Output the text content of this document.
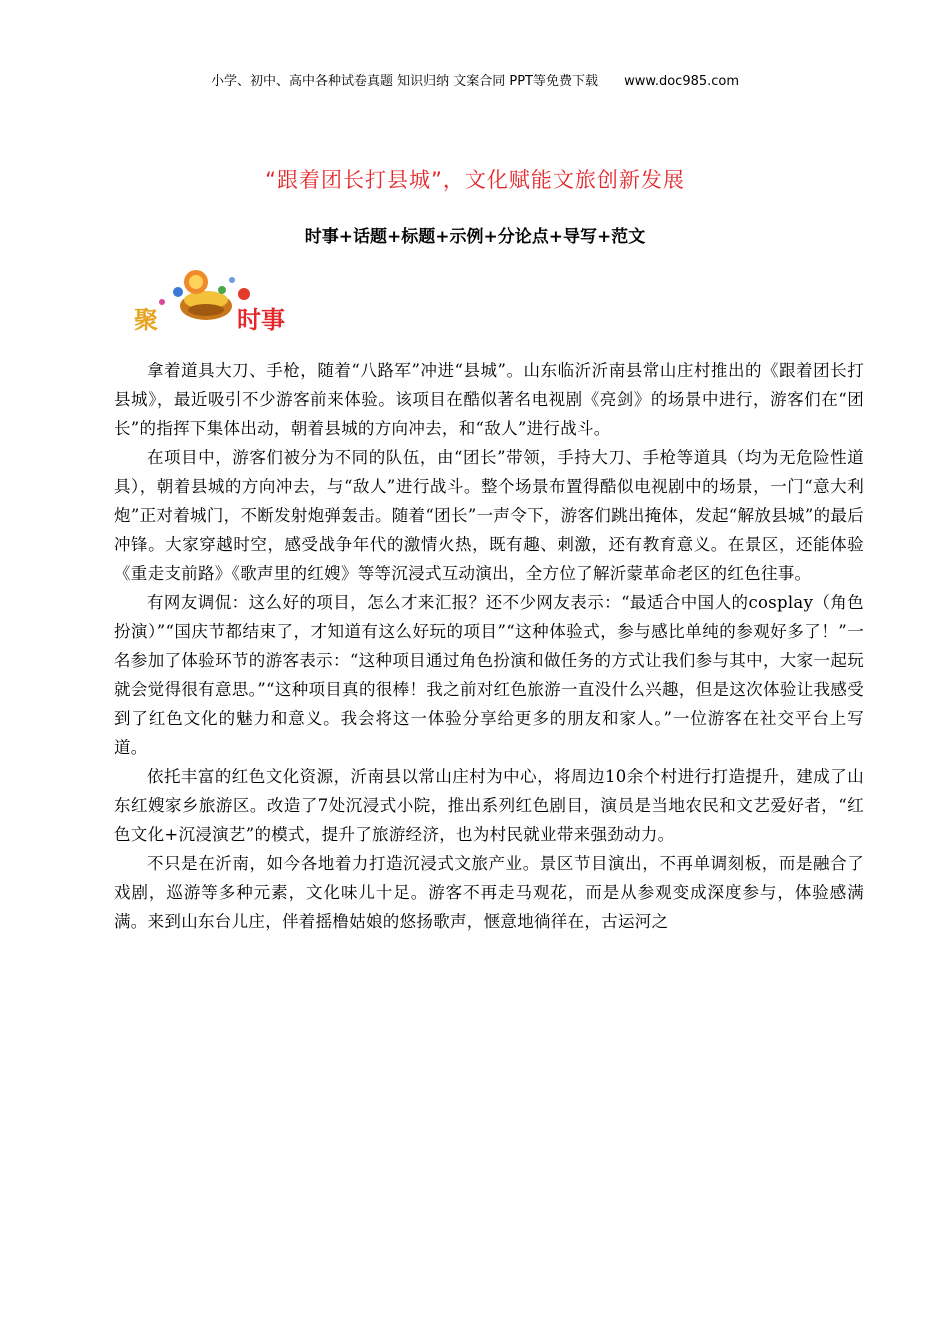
小学、初中、高中各种试卷真题 知识归纳 文案合同 PPT等免费下载 www.doc985.com
“跟着团长打县城”，文化赋能文旅创新发展
时事+话题+标题+示例+分论点+导写+范文
聚	时事

拿着道具大刀、手枪，随着“八路军”冲进“县城”。山东临沂沂南县常山庄村推出的《跟着团长打县城》，最近吸引不少游客前来体验。该项目在酷似著名电视剧《亮剑》的场景中进行，游客们在“团长”的指挥下集体出动，朝着县城的方向冲去，和“敌人”进行战斗。

在项目中，游客们被分为不同的队伍，由“团长”带领，手持大刀、手枪等道具（均为无危险性道具），朝着县城的方向冲去，与“敌人”进行战斗。整个场景布置得酷似电视剧中的场景，一门“意大利炮”正对着城门，不断发射炮弹轰击。随着“团长”一声令下，游客们跳出掩体，发起“解放县城”的最后冲锋。大家穿越时空，感受战争年代的激情火热，既有趣、刺激，还有教育意义。在景区，还能体验《重走支前路》《歌声里的红嫂》等等沉浸式互动演出，全方位了解沂蒙革命老区的红色往事。

有网友调侃：这么好的项目，怎么才来汇报？还不少网友表示：“最适合中国人的cosplay（角色扮演）”“国庆节都结束了，才知道有这么好玩的项目”“这种体验式，参与感比单纯的参观好多了！”一名参加了体验环节的游客表示：“这种项目通过角色扮演和做任务的方式让我们参与其中，大家一起玩就会觉得很有意思。”“这种项目真的很棒！我之前对红色旅游一直没什么兴趣，但是这次体验让我感受到了红色文化的魅力和意义。我会将这一体验分享给更多的朋友和家人。”一位游客在社交平台上写道。

依托丰富的红色文化资源，沂南县以常山庄村为中心，将周边10余个村进行打造提升，建成了山东红嫂家乡旅游区。改造了7处沉浸式小院，推出系列红色剧目，演员是当地农民和文艺爱好者，“红色文化+沉浸演艺”的模式，提升了旅游经济，也为村民就业带来强劲动力。

不只是在沂南，如今各地着力打造沉浸式文旅产业。景区节目演出，不再单调刻板，而是融合了戏剧，巡游等多种元素，文化味儿十足。游客不再走马观花，而是从参观变成深度参与，体验感满满。来到山东台儿庄，伴着摇橹姑娘的悠扬歌声，惬意地徜徉在，古运河之
